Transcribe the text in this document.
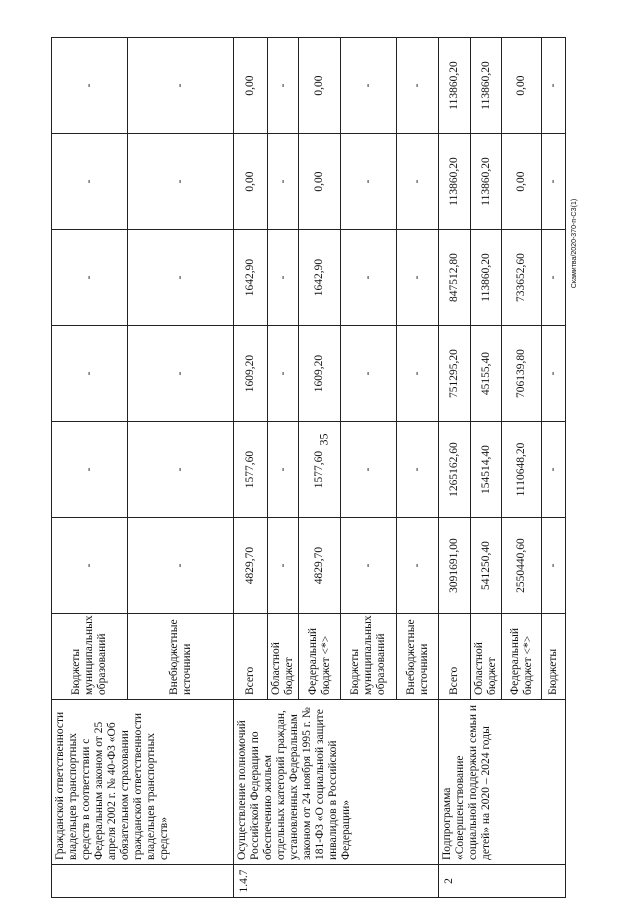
	Гражданской ответственности владельцев транспортных средств в соответствии с Федеральным законом от 25 апреля 2002 г. № 40-ФЗ «Об обязательном страховании гражданской ответственности владельцев транспортных средств»	Бюджеты муниципальных образований	-	-	-	-	-	-
		Внебюджетные источники	-	-	-	-	-	-
1.4.7	Осуществление полномочий Российской Федерации по обеспечению жильем отдельных категорий граждан, установленных Федеральным законом от 24 ноября 1995 г. № 181-ФЗ «О социальной защите инвалидов в Российской Федерации»	Всего	4829,70	1577,60	1609,20	1642,90	0,00	0,00
		Областной бюджет	-	-	-	-	-	-
		Федеральный бюджет <*>	4829,70	1577,60	1609,20	1642,90	0,00	0,00
		Бюджеты муниципальных образований	-	-	-	-	-	-
		Внебюджетные источники	-	-	-	-	-	-
2	Подпрограмма «Совершенствование социальной поддержки семьи и детей» на 2020 – 2024 годы	Всего	3091691,00	1265162,60	751295,20	847512,80	113860,20	113860,20
		Областной бюджет	541250,40	154514,40	45155,40	113860,20	113860,20	113860,20
		Федеральный бюджет <*>	2550440,60	1110648,20	706139,80	733652,60	0,00	0,00
		Бюджеты	-	-	-	-	-	-
35
Скамитва/2020-370-п-СЗ(1)
